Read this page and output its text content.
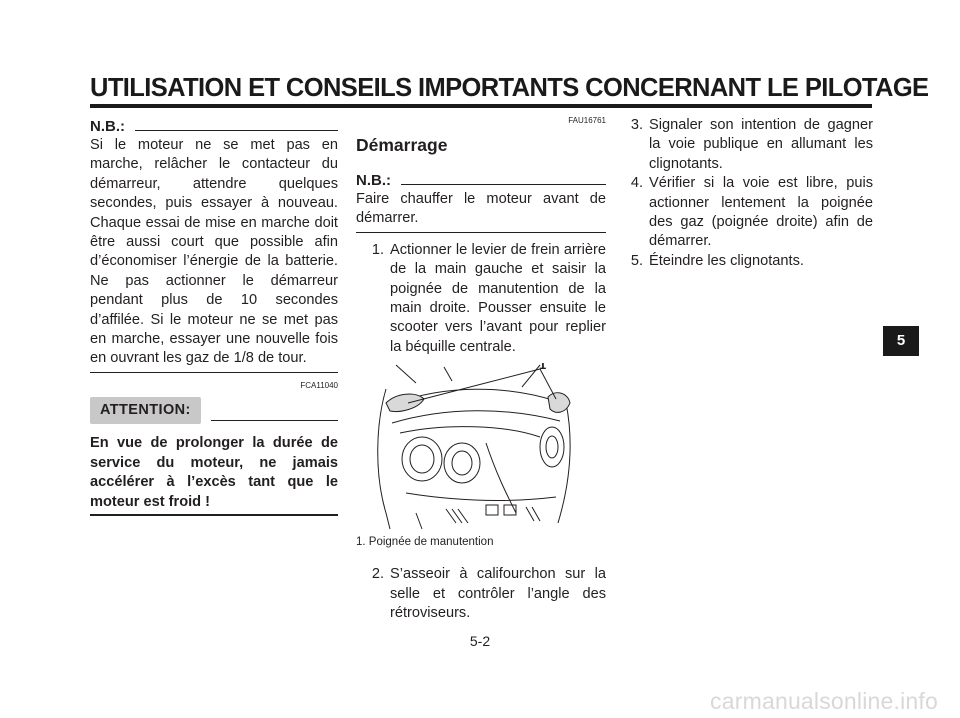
UTILISATION ET CONSEILS IMPORTANTS CONCERNANT LE PILOTAGE
N.B.:

Si le moteur ne se met pas en marche, relâcher le contacteur du démarreur, attendre quelques secondes, puis essayer à nouveau. Chaque essai de mise en marche doit être aussi court que possible afin d’économiser l’énergie de la batterie. Ne pas actionner le démarreur pendant plus de 10 secondes d’affilée. Si le moteur ne se met pas en marche, essayer une nouvelle fois en ouvrant les gaz de 1/8 de tour.

FCA11040
ATTENTION:

En vue de prolonger la durée de service du moteur, ne jamais accélérer à l’excès tant que le moteur est froid !

FAU16761
Démarrage
N.B.:

Faire chauffer le moteur avant de démarrer.

1. Actionner le levier de frein arrière de la main gauche et saisir la poignée de manutention de la main droite. Pousser ensuite le scooter vers l’avant pour replier la béquille centrale.
1
1. Poignée de manutention
2. S’asseoir à califourchon sur la selle et contrôler l’angle des rétroviseurs.
3. Signaler son intention de gagner la voie publique en allumant les clignotants.
4. Vérifier si la voie est libre, puis actionner lentement la poignée des gaz (poignée droite) afin de démarrer.
5. Éteindre les clignotants.
5
5-2
carmanualsonline.info
